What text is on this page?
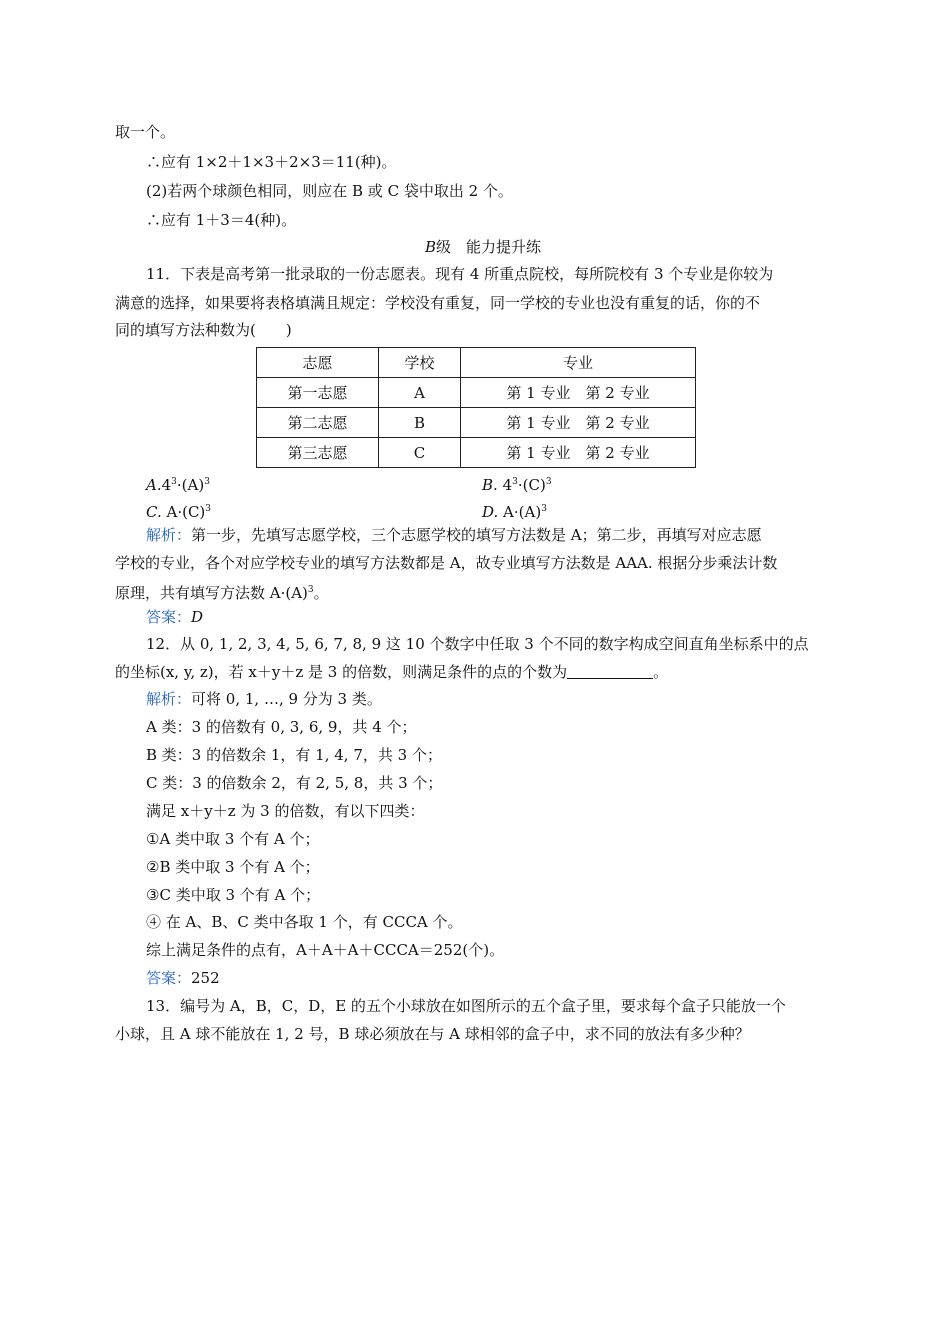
取一个。
∴应有 1×2＋1×3＋2×3＝11(种)。
(2)若两个球颜色相同，则应在 B 或 C 袋中取出 2 个。
∴应有 1＋3＝4(种)。
B级　能力提升练
11．下表是高考第一批录取的一份志愿表。现有 4 所重点院校，每所院校有 3 个专业是你较为
满意的选择，如果要将表格填满且规定：学校没有重复，同一学校的专业也没有重复的话，你的不
同的填写方法种数为(　　)
志愿	学校	专业
第一志愿	A	第 1 专业　第 2 专业
第二志愿	B	第 1 专业　第 2 专业
第三志愿	C	第 1 专业　第 2 专业
$A.4^3\cdot(A)^3$	B. $4^3\cdot(C)^3$
C. $A\cdot(C)^3$	D. $A\cdot(A)^3$
解析：第一步，先填写志愿学校，三个志愿学校的填写方法数是 A；第二步，再填写对应志愿
学校的专业，各个对应学校专业的填写方法数都是 A，故专业填写方法数是 AAA. 根据分步乘法计数
原理，共有填写方法数 $A\cdot(A)^3$。
答案：D
12．从 0, 1, 2, 3, 4, 5, 6, 7, 8, 9 这 10 个数字中任取 3 个不同的数字构成空间直角坐标系中的点
的坐标(x, y, z)，若 x＋y＋z 是 3 的倍数，则满足条件的点的个数为	。
解析：可将 0, 1, …, 9 分为 3 类。
A 类：3 的倍数有 0, 3, 6, 9，共 4 个；
B 类：3 的倍数余 1，有 1, 4, 7，共 3 个；
C 类：3 的倍数余 2，有 2, 5, 8，共 3 个；
满足 x＋y＋z 为 3 的倍数，有以下四类：
①A 类中取 3 个有 A 个；
②B 类中取 3 个有 A 个；
③C 类中取 3 个有 A 个；
④ 在 A、B、C 类中各取 1 个，有 CCCA 个。
综上满足条件的点有，A＋A＋A＋CCCA＝252(个)。
答案：252
13．编号为 A，B，C，D，E 的五个小球放在如图所示的五个盒子里，要求每个盒子只能放一个
小球，且 A 球不能放在 1, 2 号，B 球必须放在与 A 球相邻的盒子中，求不同的放法有多少种？
